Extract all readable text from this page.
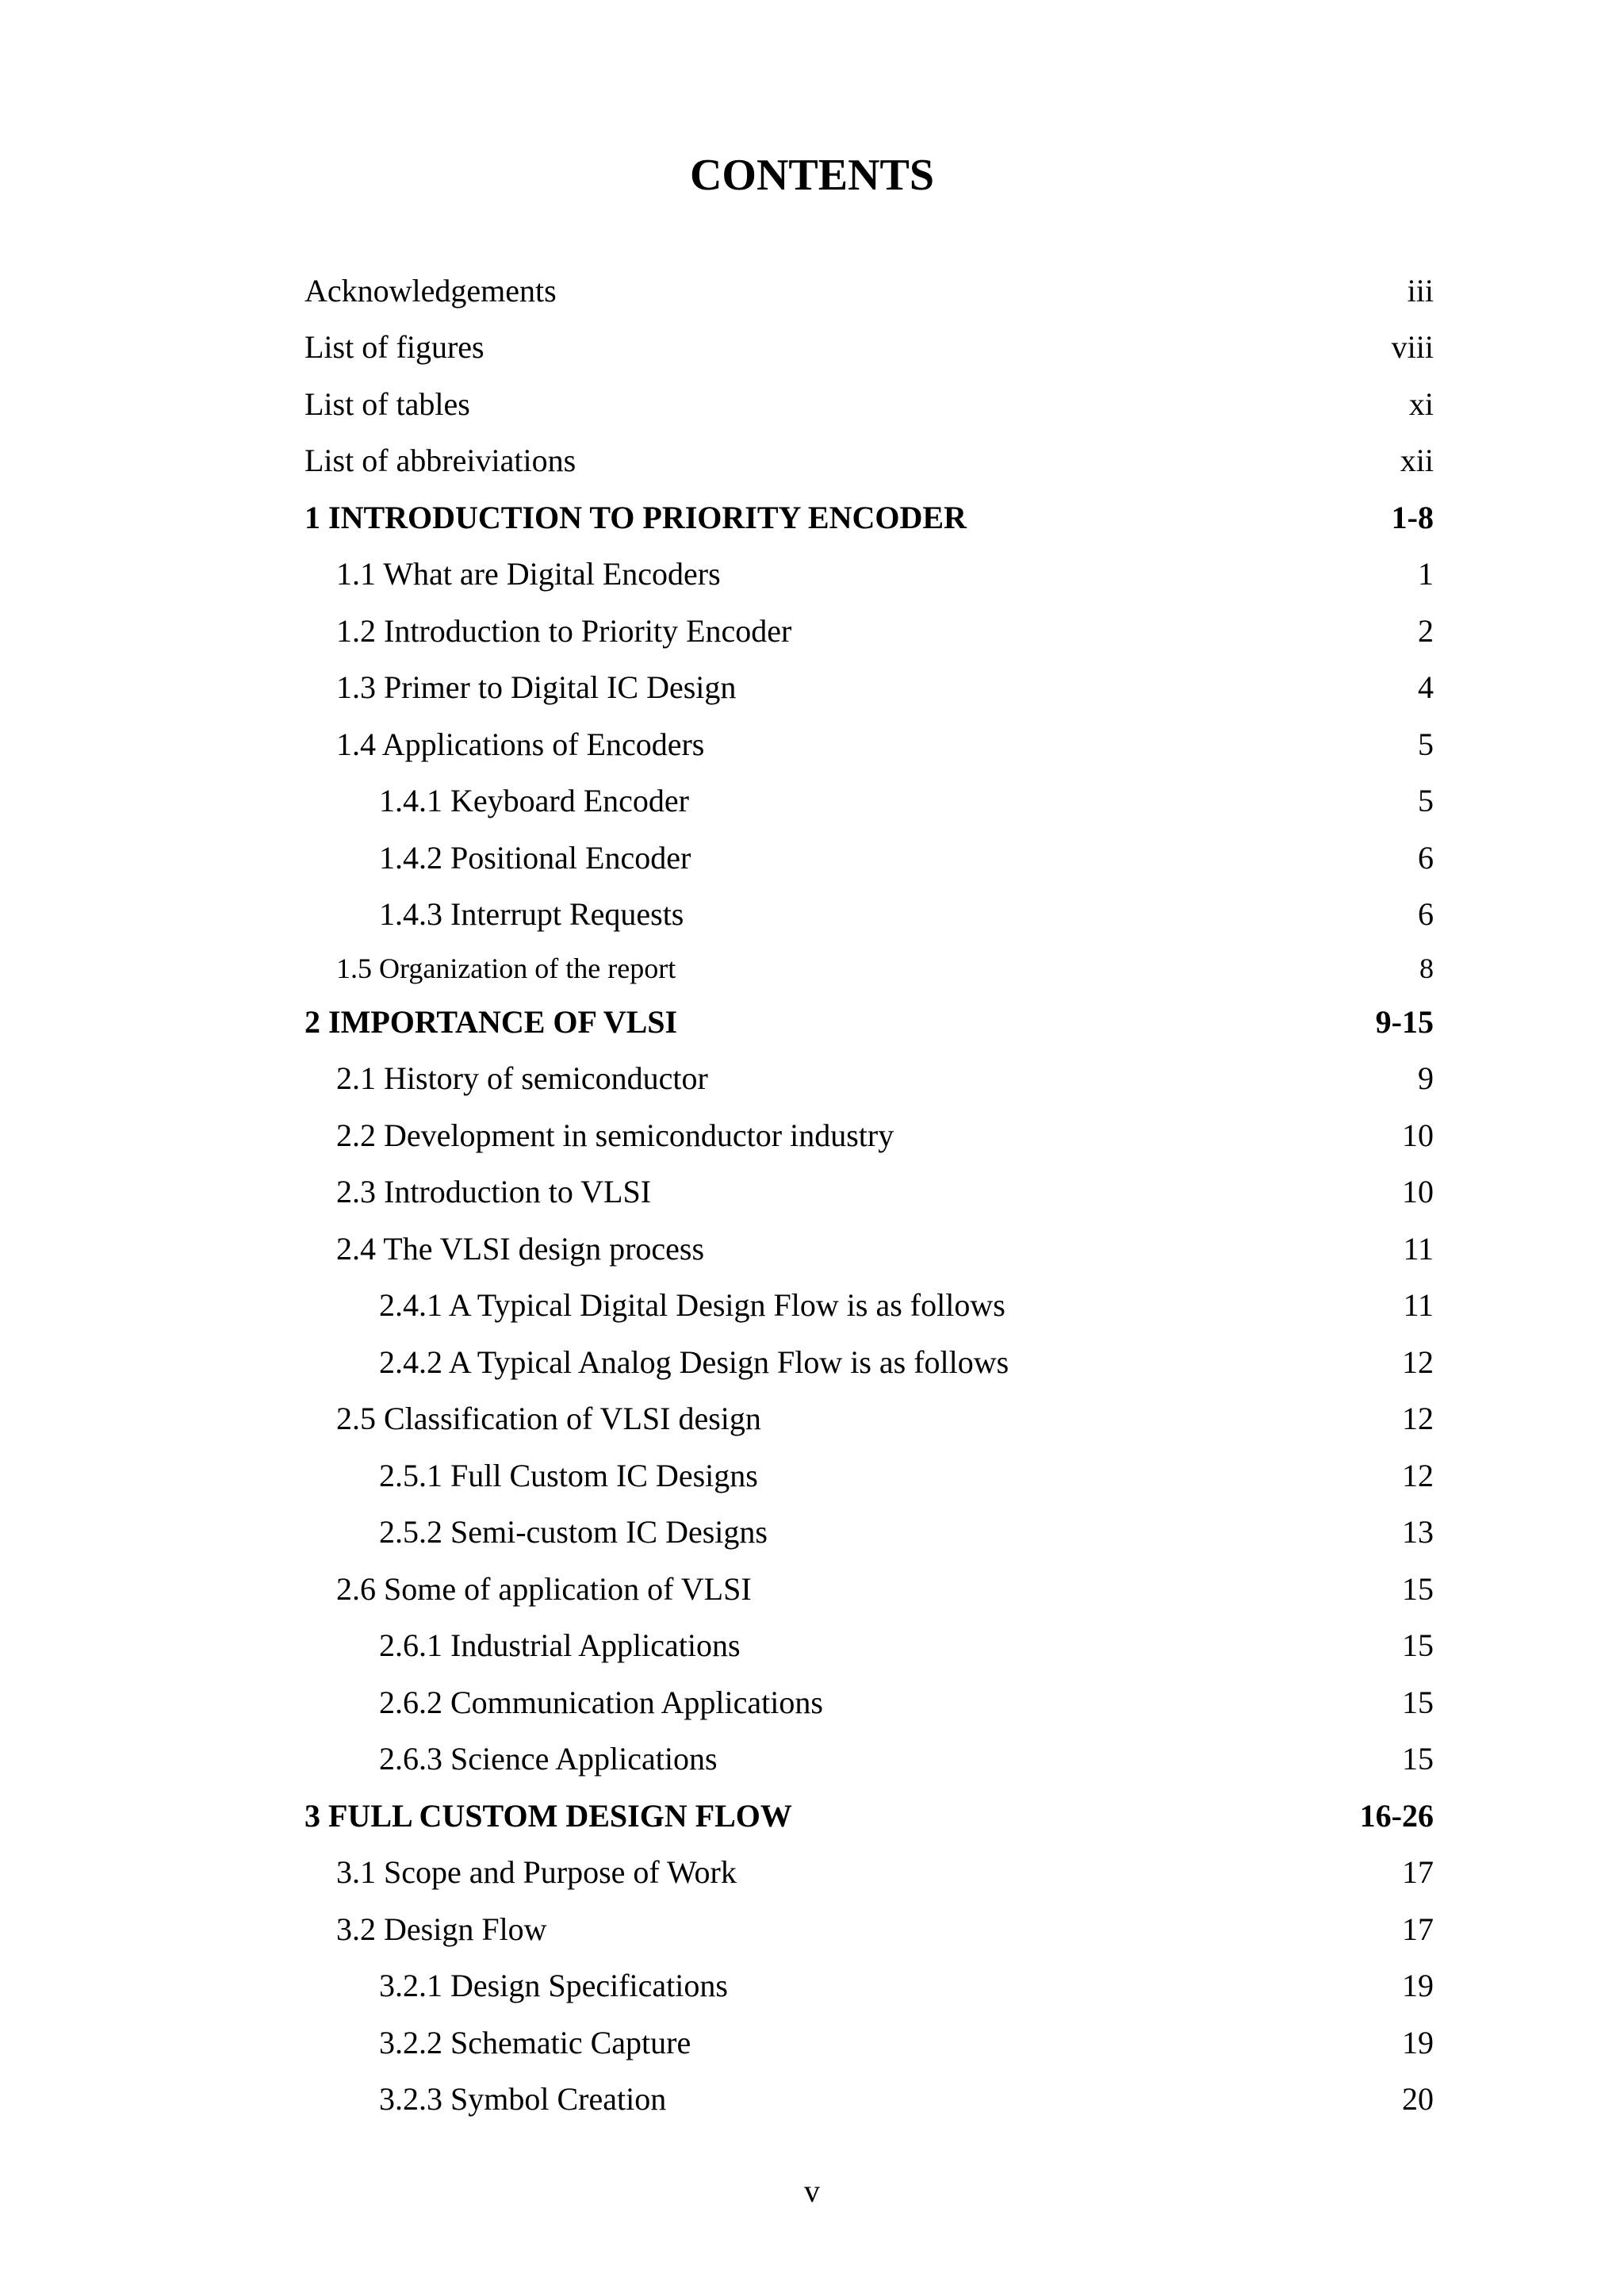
CONTENTS
Acknowledgements	iii
List of figures	viii
List of tables	xi
List of abbreiviations	xii
1 INTRODUCTION TO PRIORITY ENCODER	1-8
1.1 What are Digital Encoders	1
1.2 Introduction to Priority Encoder	2
1.3 Primer to Digital IC Design	4
1.4 Applications of Encoders	5
1.4.1 Keyboard Encoder	5
1.4.2 Positional Encoder	6
1.4.3 Interrupt Requests	6
1.5 Organization of the report	8
2 IMPORTANCE OF VLSI	9-15
2.1 History of semiconductor	9
2.2 Development in semiconductor industry	10
2.3 Introduction to VLSI	10
2.4 The VLSI design process	11
2.4.1 A Typical Digital Design Flow is as follows	11
2.4.2 A Typical Analog Design Flow is as follows	12
2.5 Classification of VLSI design	12
2.5.1 Full Custom IC Designs	12
2.5.2 Semi-custom IC Designs	13
2.6 Some of application of VLSI	15
2.6.1 Industrial Applications	15
2.6.2 Communication Applications	15
2.6.3 Science Applications	15
3 FULL CUSTOM DESIGN FLOW	16-26
3.1 Scope and Purpose of Work	17
3.2 Design Flow	17
3.2.1 Design Specifications	19
3.2.2 Schematic Capture	19
3.2.3 Symbol Creation	20
v
